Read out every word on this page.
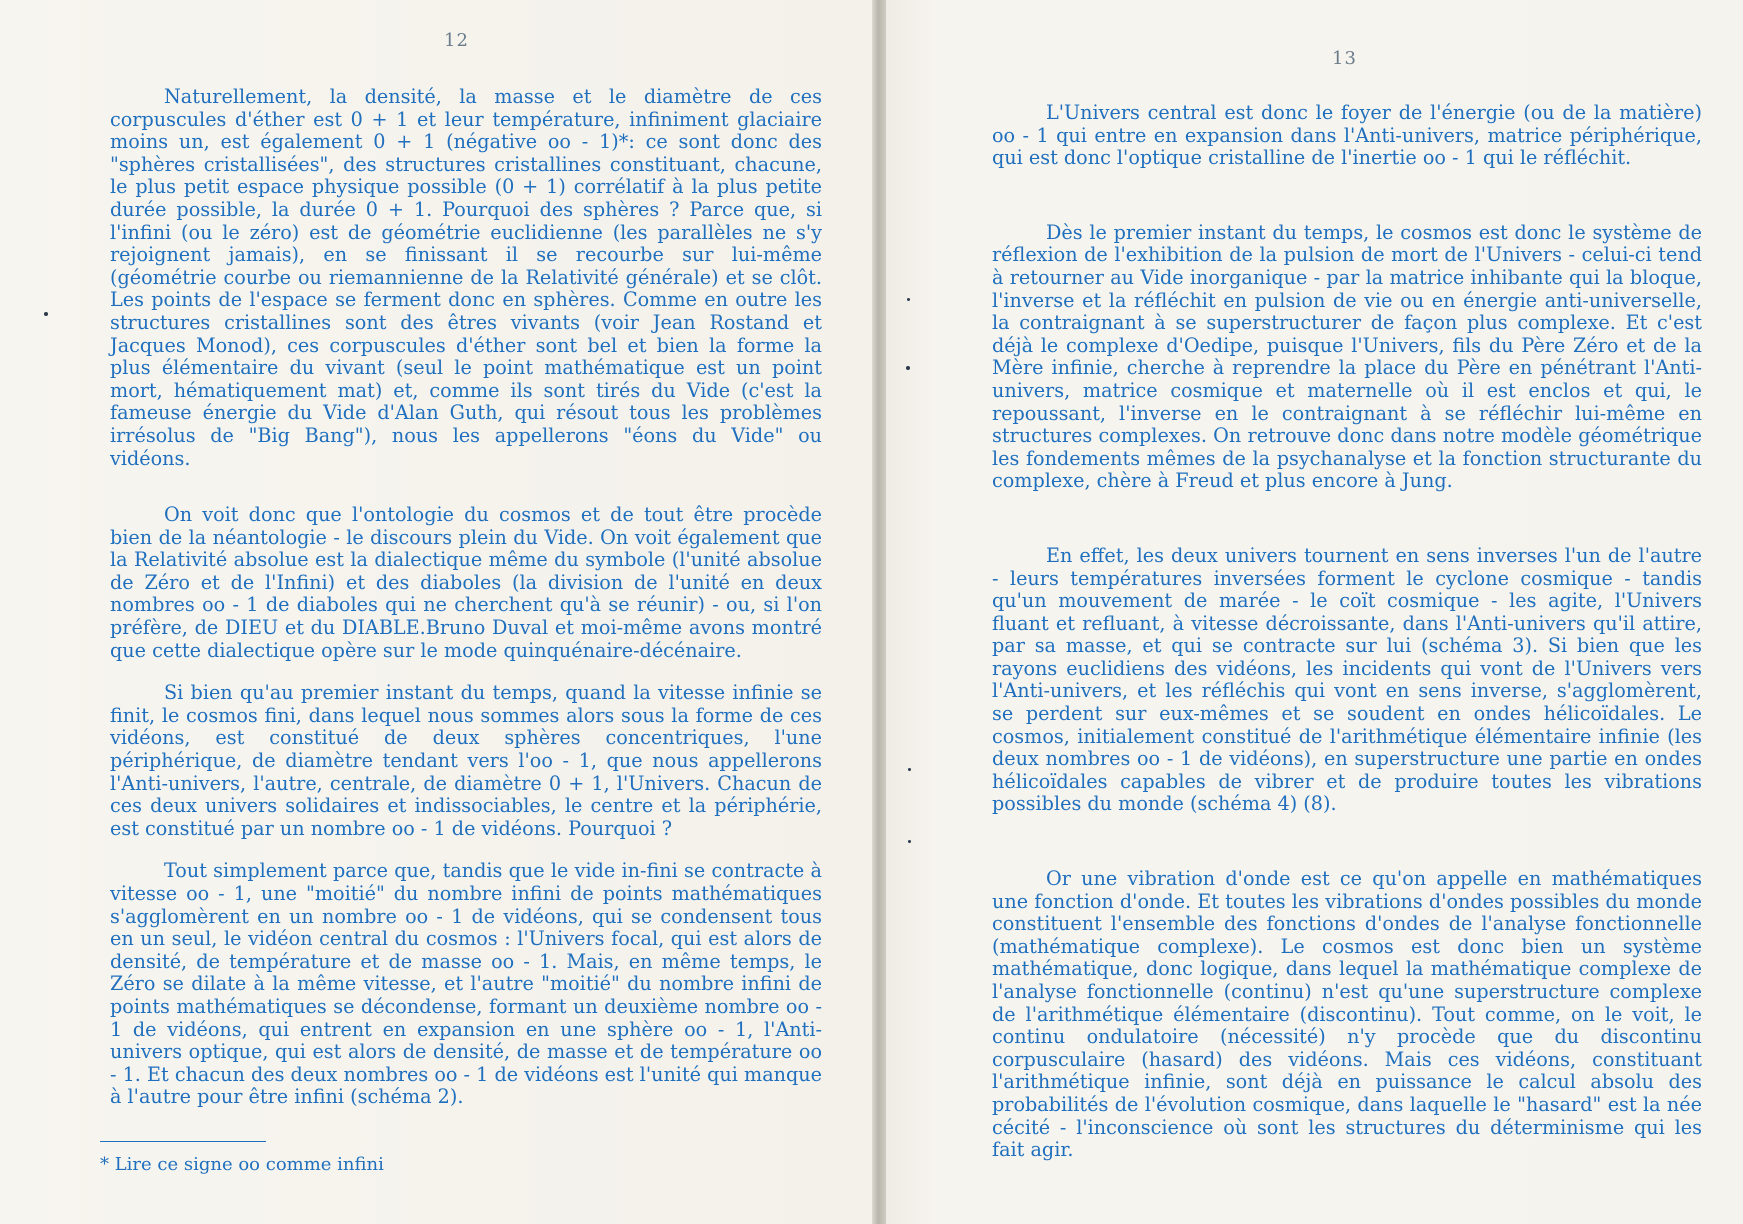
12

Naturellement, la densité, la masse et le diamètre de ces corpuscules d'éther est 0 + 1 et leur température, infiniment glaciaire moins un, est également 0 + 1 (négative oo - 1)*: ce sont donc des "sphères cristallisées", des structures cristallines constituant, chacune, le plus petit espace physique possible (0 + 1) corrélatif à la plus petite durée possible, la durée 0 + 1. Pourquoi des sphères ? Parce que, si l'infini (ou le zéro) est de géométrie euclidienne (les parallèles ne s'y rejoignent jamais), en se finissant il se recourbe sur lui-même (géométrie courbe ou riemannienne de la Relativité générale) et se clôt. Les points de l'espace se ferment donc en sphères. Comme en outre les structures cristallines sont des êtres vivants (voir Jean Rostand et Jacques Monod), ces corpuscules d'éther sont bel et bien la forme la plus élémentaire du vivant (seul le point mathématique est un point mort, hématiquement mat) et, comme ils sont tirés du Vide (c'est la fameuse énergie du Vide d'Alan Guth, qui résout tous les problèmes irrésolus de "Big Bang"), nous les appellerons "éons du Vide" ou vidéons.

On voit donc que l'ontologie du cosmos et de tout être procède bien de la néantologie - le discours plein du Vide. On voit également que la Relativité absolue est la dialectique même du symbole (l'unité absolue de Zéro et de l'Infini) et des diaboles (la division de l'unité en deux nombres oo - 1 de diaboles qui ne cherchent qu'à se réunir) - ou, si l'on préfère, de DIEU et du DIABLE.Bruno Duval et moi-même avons montré que cette dialectique opère sur le mode quinquénaire-décénaire.

Si bien qu'au premier instant du temps, quand la vitesse infinie se finit, le cosmos fini, dans lequel nous sommes alors sous la forme de ces vidéons, est constitué de deux sphères concentriques, l'une périphérique, de diamètre tendant vers l'oo - 1, que nous appellerons l'Anti-univers, l'autre, centrale, de diamètre 0 + 1, l'Univers. Chacun de ces deux univers solidaires et indissociables, le centre et la périphérie, est constitué par un nombre oo - 1 de vidéons. Pourquoi ?

Tout simplement parce que, tandis que le vide in-fini se contracte à vitesse oo - 1, une "moitié" du nombre infini de points mathématiques s'agglomèrent en un nombre oo - 1 de vidéons, qui se condensent tous en un seul, le vidéon central du cosmos : l'Univers focal, qui est alors de densité, de température et de masse oo - 1. Mais, en même temps, le Zéro se dilate à la même vitesse, et l'autre "moitié" du nombre infini de points mathématiques se décondense, formant un deuxième nombre oo - 1 de vidéons, qui entrent en expansion en une sphère oo - 1, l'Anti-univers optique, qui est alors de densité, de masse et de température oo - 1. Et chacun des deux nombres oo - 1 de vidéons est l'unité qui manque à l'autre pour être infini (schéma 2).

* Lire ce signe oo comme infini
13

L'Univers central est donc le foyer de l'énergie (ou de la matière) oo - 1 qui entre en expansion dans l'Anti-univers, matrice périphérique, qui est donc l'optique cristalline de l'inertie oo - 1 qui le réfléchit.

Dès le premier instant du temps, le cosmos est donc le système de réflexion de l'exhibition de la pulsion de mort de l'Univers - celui-ci tend à retourner au Vide inorganique - par la matrice inhibante qui la bloque, l'inverse et la réfléchit en pulsion de vie ou en énergie anti-universelle, la contraignant à se superstructurer de façon plus complexe. Et c'est déjà le complexe d'Oedipe, puisque l'Univers, fils du Père Zéro et de la Mère infinie, cherche à reprendre la place du Père en pénétrant l'Anti-univers, matrice cosmique et maternelle où il est enclos et qui, le repoussant, l'inverse en le contraignant à se réfléchir lui-même en structures complexes. On retrouve donc dans notre modèle géométrique les fondements mêmes de la psychanalyse et la fonction structurante du complexe, chère à Freud et plus encore à Jung.

En effet, les deux univers tournent en sens inverses l'un de l'autre - leurs températures inversées forment le cyclone cosmique - tandis qu'un mouvement de marée - le coït cosmique - les agite, l'Univers fluant et refluant, à vitesse décroissante, dans l'Anti-univers qu'il attire, par sa masse, et qui se contracte sur lui (schéma 3). Si bien que les rayons euclidiens des vidéons, les incidents qui vont de l'Univers vers l'Anti-univers, et les réfléchis qui vont en sens inverse, s'agglomèrent, se perdent sur eux-mêmes et se soudent en ondes hélicoïdales. Le cosmos, initialement constitué de l'arithmétique élémentaire infinie (les deux nombres oo - 1 de vidéons), en superstructure une partie en ondes hélicoïdales capables de vibrer et de produire toutes les vibrations possibles du monde (schéma 4) (8).

Or une vibration d'onde est ce qu'on appelle en mathématiques une fonction d'onde. Et toutes les vibrations d'ondes possibles du monde constituent l'ensemble des fonctions d'ondes de l'analyse fonctionnelle (mathématique complexe). Le cosmos est donc bien un système mathématique, donc logique, dans lequel la mathématique complexe de l'analyse fonctionnelle (continu) n'est qu'une superstructure complexe de l'arithmétique élémentaire (discontinu). Tout comme, on le voit, le continu ondulatoire (nécessité) n'y procède que du discontinu corpusculaire (hasard) des vidéons. Mais ces vidéons, constituant l'arithmétique infinie, sont déjà en puissance le calcul absolu des probabilités de l'évolution cosmique, dans laquelle le "hasard" est la née cécité - l'inconscience où sont les structures du déterminisme qui les fait agir.
